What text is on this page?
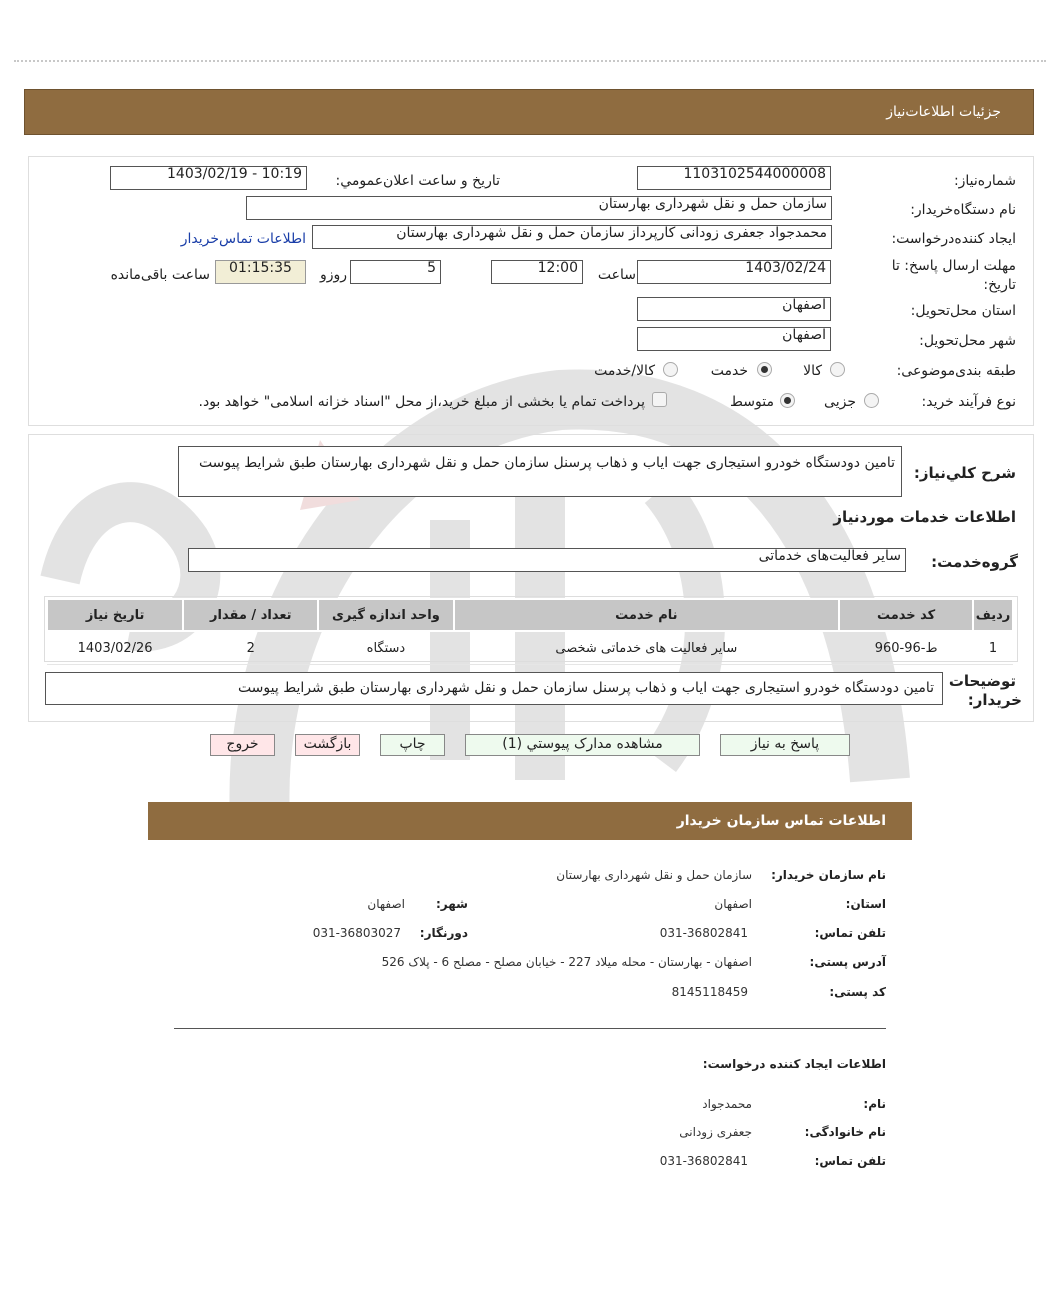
جزئیات اطلاعات‌نیاز
شماره‌نیاز:
1103102544000008
تاریخ و ساعت اعلان‌عمومي:
1403/02/19 - 10:19
نام دستگاه‌خریدار:
سازمان حمل و نقل شهرداری بهارستان
ایجاد کننده‌درخواست:
محمدجواد جعفری زودانی کارپرداز سازمان حمل و نقل شهرداری بهارستان
اطلاعات تماس‌خریدار
مهلت ارسال پاسخ: تا
تاریخ:
1403/02/24
ساعت
12:00
5
روزو
01:15:35
ساعت باقی‌مانده
استان محل‌تحویل:
اصفهان
شهر محل‌تحویل:
اصفهان
طبقه بندی‌موضوعی:
کالا
خدمت
کالا/خدمت
نوع فرآیند خرید:
جزیی
متوسط
پرداخت تمام یا بخشی از مبلغ خرید،از محل "اسناد خزانه اسلامی" خواهد بود.
شرح کلي‌نیاز:
تامین دودستگاه خودرو استیجاری جهت ایاب و ذهاب پرسنل سازمان حمل و نقل شهرداری بهارستان طبق شرایط پیوست
اطلاعات خدمات موردنیاز
گروه‌خدمت:
سایر فعالیت‌های خدماتی
ردیف	کد خدمت	نام خدمت	واحد اندازه گیری	تعداد / مقدار	تاریخ نیاز
1	ط-96-960	سایر فعالیت های خدماتی شخصی	دستگاه	2	1403/02/26
توضیحات
خریدار:
تامین دودستگاه خودرو استیجاری جهت ایاب و ذهاب پرسنل سازمان حمل و نقل شهرداری بهارستان طبق شرایط پیوست
پاسخ به نیاز
مشاهده مدارک پیوستي (1)
چاپ
بازگشت
خروج
اطلاعات تماس سازمان خریدار
نام سازمان خریدار:
سازمان حمل و نقل شهرداری بهارستان
استان:
اصفهان
شهر:
اصفهان
تلفن تماس:
031-36802841
دورنگار:
031-36803027
آدرس پستی:
اصفهان - بهارستان - محله میلاد 227 - خیابان مصلح - مصلح 6 - پلاک 526
کد پستی:
8145118459
اطلاعات ایجاد کننده درخواست:
نام:
محمدجواد
نام خانوادگی:
جعفری زودانی
تلفن تماس:
031-36802841
